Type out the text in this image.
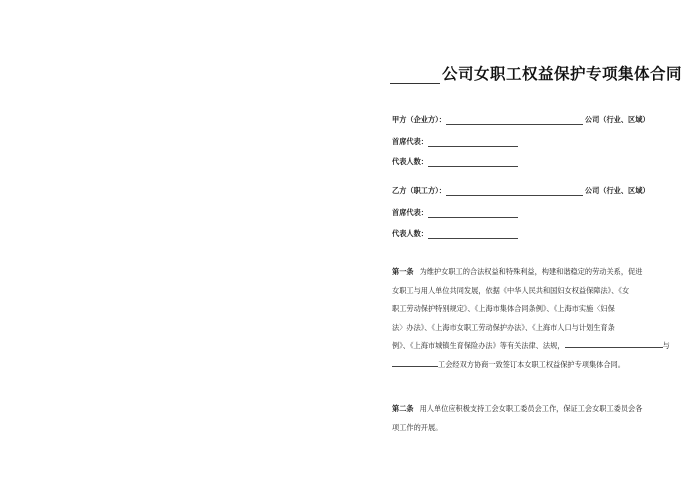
公司女职工权益保护专项集体合同
甲方（企业方）：	公司（行业、区域）
首席代表：
代表人数：
乙方（职工方）：	公司（行业、区域）
首席代表：
代表人数：
第一条 为维护女职工的合法权益和特殊利益，构建和谐稳定的劳动关系，促进
女职工与用人单位共同发展，依据《中华人民共和国妇女权益保障法》、《女
职工劳动保护特别规定》、《上海市集体合同条例》、《上海市实施〈妇保
法〉办法》、《上海市女职工劳动保护办法》、《上海市人口与计划生育条
例》、《上海市城镇生育保险办法》等有关法律、法规，	与
工会经双方协商一致签订本女职工权益保护专项集体合同。
第二条 用人单位应积极支持工会女职工委员会工作，保证工会女职工委员会各
项工作的开展。
